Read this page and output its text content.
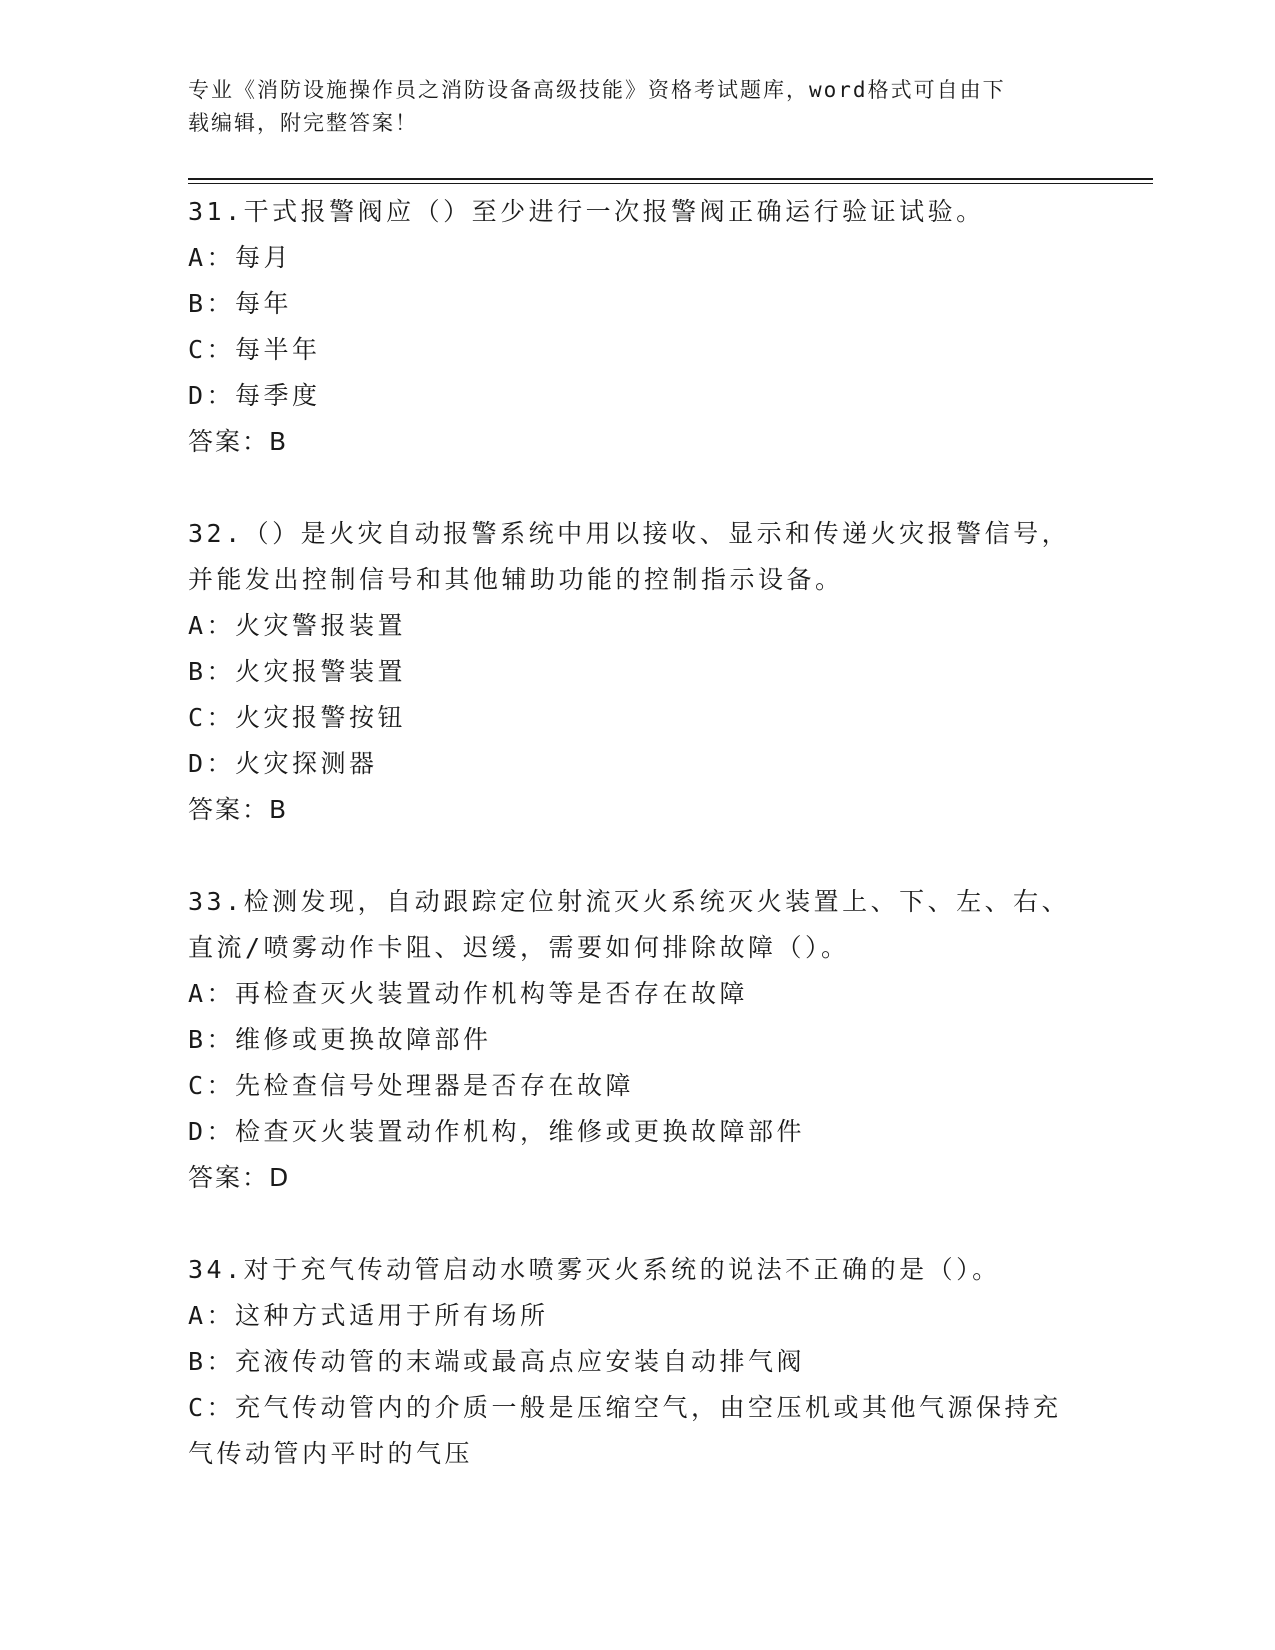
专业《消防设施操作员之消防设备高级技能》资格考试题库，word格式可自由下
载编辑，附完整答案！
31.干式报警阀应（）至少进行一次报警阀正确运行验证试验。
A：每月
B：每年
C：每半年
D：每季度
答案：B
32.（）是火灾自动报警系统中用以接收、显示和传递火灾报警信号，
并能发出控制信号和其他辅助功能的控制指示设备。
A：火灾警报装置
B：火灾报警装置
C：火灾报警按钮
D：火灾探测器
答案：B
33.检测发现，自动跟踪定位射流灭火系统灭火装置上、下、左、右、
直流/喷雾动作卡阻、迟缓，需要如何排除故障（）。
A：再检查灭火装置动作机构等是否存在故障
B：维修或更换故障部件
C：先检查信号处理器是否存在故障
D：检查灭火装置动作机构，维修或更换故障部件
答案：D
34.对于充气传动管启动水喷雾灭火系统的说法不正确的是（）。
A：这种方式适用于所有场所
B：充液传动管的末端或最高点应安装自动排气阀
C：充气传动管内的介质一般是压缩空气，由空压机或其他气源保持充
气传动管内平时的气压
